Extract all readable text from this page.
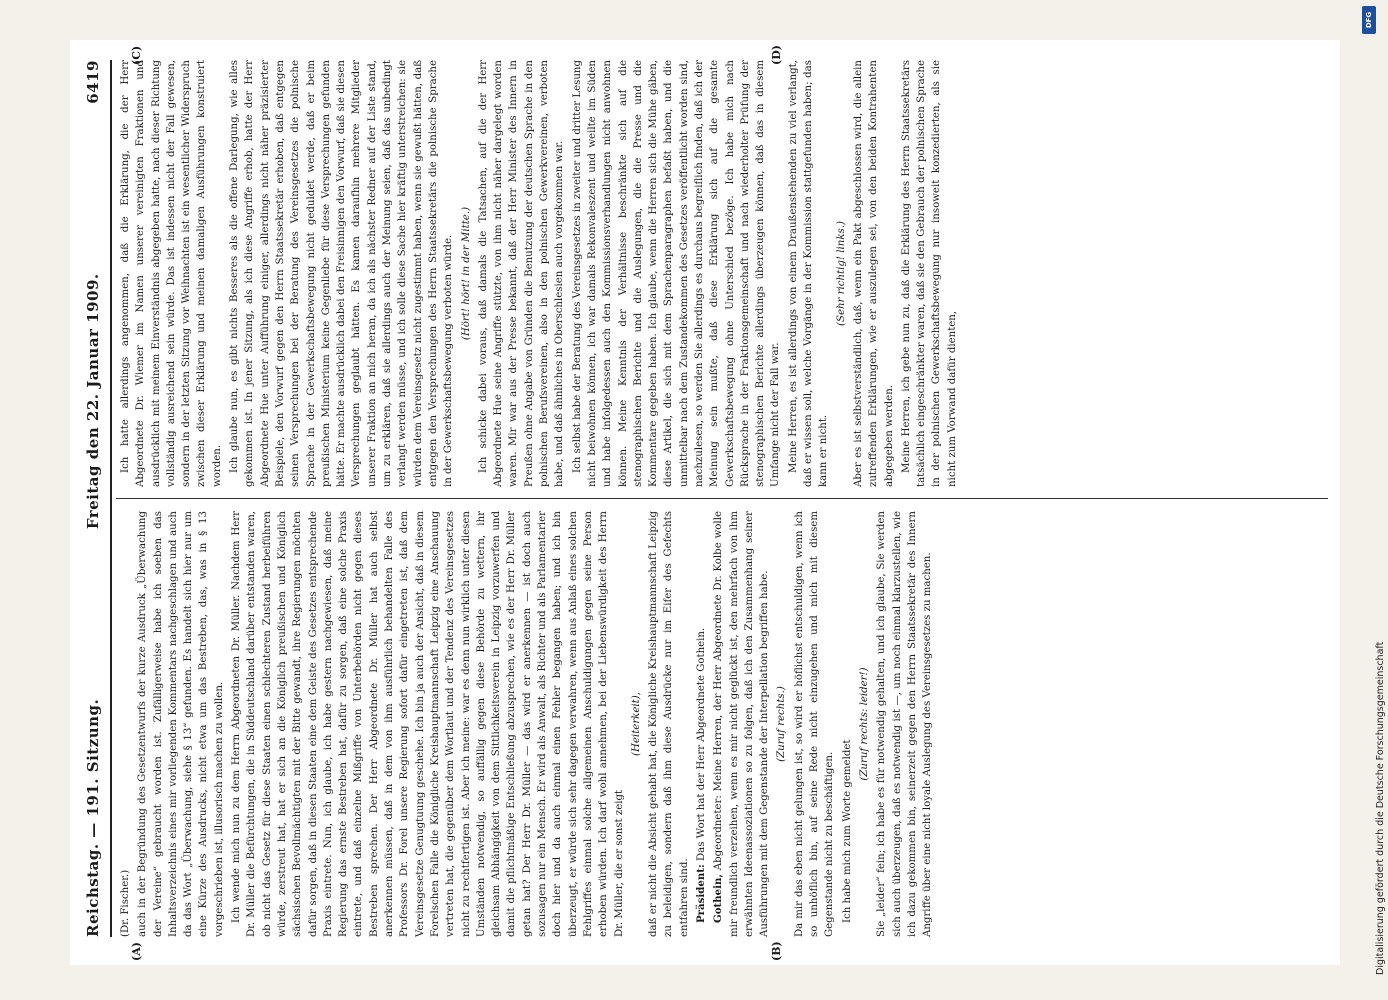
Reichstag. — 191. Sitzung.
Freitag den 22. Januar 1909.
6419

(Dr. Fischer.) auch in der Begründung des Gesetzentwurfs der kurze Ausdruck „Überwachung der Vereine“ gebraucht worden ist. Zufälligerweise habe ich soeben das Inhaltsverzeichnis eines mir vorliegenden Kommentars nachgeschlagen und auch da das Wort „Überwachung, siehe § 13“ gefunden. Es handelt sich hier nur um eine Kürze des Ausdrucks, nicht etwa um das Bestreben, das, was in § 13 vorgeschrieben ist, illusorisch machen zu wollen. Ich wende mich nun zu dem Herrn Abgeordneten Dr. Müller. Nachdem Herr Dr. Müller die Befürchtungen, die in Süddeutschland darüber entstanden waren, ob nicht das Gesetz für diese Staaten einen schlechteren Zustand herbeiführen würde, zerstreut hat, hat er sich an die Königlich preußischen und Königlich sächsischen Bevollmächtigten mit der Bitte gewandt, ihre Regierungen möchten dafür sorgen, daß in diesen Staaten eine dem Geiste des Gesetzes entsprechende Praxis eintrete. Nun, ich glaube, ich habe gestern nachgewiesen, daß meine Regierung das ernste Bestreben hat, dafür zu sorgen, daß eine solche Praxis eintrete, und daß einzelne Mißgriffe von Unterbehörden nicht gegen dieses Bestreben sprechen. Der Herr Abgeordnete Dr. Müller hat auch selbst anerkennen müssen, daß in dem von ihm ausführlich behandelten Falle des Professors Dr. Forel unsere Regierung sofort dafür eingetreten ist, daß dem Vereinsgesetze Genugtuung geschehe. Ich bin ja auch der Ansicht, daß in diesem Forelschen Falle die Königliche Kreishauptmannschaft Leipzig eine Anschauung vertreten hat, die gegenüber dem Wortlaut und der Tendenz des Vereinsgesetzes nicht zu rechtfertigen ist. Aber ich meine: war es denn nun wirklich unter diesen Umständen notwendig, so auffällig gegen diese Behörde zu wettern, ihr gleichsam Abhängigkeit von dem Sittlichkeitsverein in Leipzig vorzuwerfen und damit die pflichtmäßige Entschließung abzusprechen, wie es der Herr Dr. Müller getan hat? Der Herr Dr. Müller — das wird er anerkennen — ist doch auch sozusagen nur ein Mensch. Er wird als Anwalt, als Richter und als Parlamentarier doch hier und da auch einmal einen Fehler begangen haben; und ich bin überzeugt, er würde sich sehr dagegen verwahren, wenn aus Anlaß eines solchen Fehlgriffes einmal solche allgemeinen Anschuldigungen gegen seine Person erhoben würden. Ich darf wohl annehmen, bei der Liebenswürdigkeit des Herrn Dr. Müller, die er sonst zeigt

(Heiterkeit), daß er nicht die Absicht gehabt hat, die Königliche Kreishauptmannschaft Leipzig zu beleidigen, sondern daß ihm diese Ausdrücke nur im Eifer des Gefechts entfahren sind. Präsident: Das Wort hat der Herr Abgeordnete Gothein.

Gothein, Abgeordneter: Meine Herren, der Herr Abgeordnete Dr. Kolbe wolle mir freundlich verzeihen, wenn es mir nicht geglückt ist, den mehrfach von ihm erwähnten Ideenassoziationen so zu folgen, daß ich den Zusammenhang seiner Ausführungen mit dem Gegenstande der Interpellation begriffen habe. (Zuruf rechts.) Da mir das eben nicht gelungen ist, so wird er höflichst entschuldigen, wenn ich so unhöflich bin, auf seine Rede nicht einzugehen und mich mit diesem Gegenstande nicht zu beschäftigen. Ich habe mich zum Worte gemeldet

(Zuruf rechts: leider!) Sie „leider“ fein; ich habe es für notwendig gehalten, und ich glaube, Sie werden sich auch überzeugen, daß es notwendig ist —, um noch einmal klarzustellen, wie ich dazu gekommen bin, seinerzeit gegen den Herrn Staatssekretär des Innern Angriffe über eine nicht loyale Auslegung des Vereinsgesetzes zu machen.

Ich hatte allerdings angenommen, daß die Erklärung, die der Herr Abgeordnete Dr. Wiemer im Namen unserer vereinigten Fraktionen und ausdrücklich mit meinem Einverständnis abgegeben hatte, nach dieser Richtung vollständig ausreichend sein würde. Das ist indessen nicht der Fall gewesen, sondern in der letzten Sitzung vor Weihnachten ist ein wesentlicher Widerspruch zwischen dieser Erklärung und meinen damaligen Ausführungen konstruiert worden. Ich glaube nun, es gibt nichts Besseres als die offene Darlegung, wie alles gekommen ist. In jener Sitzung, als ich diese Angriffe erhob, hatte der Herr Abgeordnete Hue unter Aufführung einiger, allerdings nicht näher präzisierter Beispiele, den Vorwurf gegen den Herrn Staatssekretär erhoben, daß entgegen seinen Versprechungen bei der Beratung des Vereinsgesetzes die polnische Sprache in der Gewerkschaftsbewegung nicht geduldet werde, daß er beim preußischen Ministerium keine Gegenliebe für diese Versprechungen gefunden hätte. Er machte ausdrücklich dabei den Freisinnigen den Vorwurf, daß sie diesen Versprechungen geglaubt hätten. Es kamen daraufhin mehrere Mitglieder unserer Fraktion an mich heran, da ich als nächster Redner auf der Liste stand, um zu erklären, daß sie allerdings auch der Meinung seien, daß das unbedingt verlangt werden müsse, und ich solle diese Sache hier kräftig unterstreichen: sie würden dem Vereinsgesetz nicht zugestimmt haben, wenn sie gewußt hätten, daß entgegen den Versprechungen des Herrn Staatssekretärs die polnische Sprache in der Gewerkschaftsbewegung verboten würde. (Hört! hört! in der Mitte.) Ich schicke dabei voraus, daß damals die Tatsachen, auf die der Herr Abgeordnete Hue seine Angriffe stützte, von ihm nicht näher dargelegt worden waren. Mir war aus der Presse bekannt, daß der Herr Minister des Innern in Preußen ohne Angabe von Gründen die Benutzung der deutschen Sprache in den polnischen Berufsvereinen, also in den polnischen Gewerkvereinen, verboten habe, und daß ähnliches in Oberschlesien auch vorgekommen war. Ich selbst habe der Beratung des Vereinsgesetzes in zweiter und dritter Lesung nicht beiwohnen können, ich war damals Rekonvaleszent und weilte im Süden und habe infolgedessen auch den Kommissionsverhandlungen nicht anwohnen können. Meine Kenntnis der Verhältnisse beschränkte sich auf die stenographischen Berichte und die Auslegungen, die die Presse und die Kommentare gegeben haben. Ich glaube, wenn die Herren sich die Mühe gäben, diese Artikel, die sich mit dem Sprachenparagraphen befaßt haben, und die unmittelbar nach dem Zustandekommen des Gesetzes veröffentlicht worden sind, nachzulesen, so werden Sie allerdings es durchaus begreiflich finden, daß ich der Meinung sein mußte, daß diese Erklärung sich auf die gesamte Gewerkschaftsbewegung ohne Unterschied bezöge. Ich habe mich nach Rücksprache in der Fraktionsgemeinschaft und nach wiederholter Prüfung der stenographischen Berichte allerdings überzeugen können, daß das in diesem Umfange nicht der Fall war. Meine Herren, es ist allerdings von einem Draußenstehenden zu viel verlangt, daß er wissen soll, welche Vorgänge in der Kommission stattgefunden haben; das kann er nicht.

(Sehr richtig! links.) Aber es ist selbstverständlich, daß, wenn ein Pakt abgeschlossen wird, die allein zutreffenden Erklärungen, wie er auszulegen sei, von den beiden Kontrahenten abgegeben werden. Meine Herren, ich gebe nun zu, daß die Erklärung des Herrn Staatssekretärs tatsächlich eingeschränkter waren, daß sie den Gebrauch der polnischen Sprache in der polnischen Gewerkschaftsbewegung nur insoweit konzedierten, als sie nicht zum Vorwand dafür dienten,

(A)	(B)
(C)	(D)
DFG
Digitalisierung gefördert durch die Deutsche Forschungsgemeinschaft
